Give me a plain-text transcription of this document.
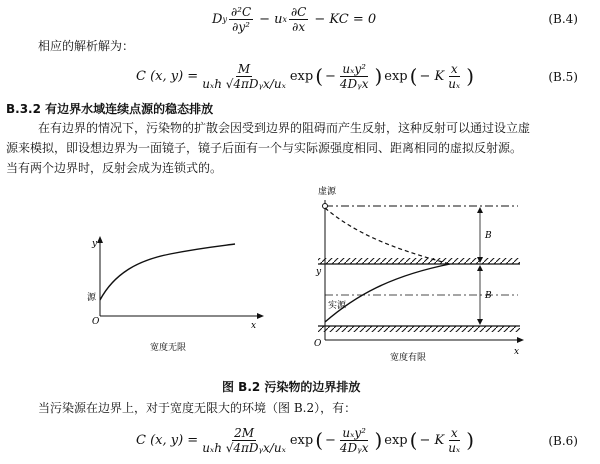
D y $\frac{\text{∂²C}}{\text{∂y²}} - u$ x $\frac{\partial C}{\partial x}$ − KC = 0	(B.4)
相应的解析解为：
C (x, $y) = \frac{M}{\text{uₓh √4πDᵧx/uₓ}}$ exp ( − $\frac{\text{uₓy²}}{\text{4Dᵧx}}$ ) exp ( − K $\frac{x}{\text{uₓ}}$ )	(B.5)
B.3.2 有边界水域连续点源的稳态排放
在有边界的情况下，污染物的扩散会因受到边界的阻碍而产生反射，这种反射可以通过设立虚
源来模拟，即设想边界为一面镜子，镜子后面有一个与实际源强度相同、距离相同的虚拟反射源。
当有两个边界时，反射会成为连锁式的。
y
源
O	x
宽度无限
虚源
y
实源
O
x
B
B
宽度有限
图 B.2 污染物的边界排放
当污染源在边界上，对于宽度无限大的环境（图 B.2），有：
C (x, $y) = \frac{2M}{\text{uₓh √4πDᵧx/uₓ}}$ exp ( − $\frac{\text{uₓy²}}{\text{4Dᵧx}}$ ) exp ( − K $\frac{x}{\text{uₓ}}$ )	(B.6)
